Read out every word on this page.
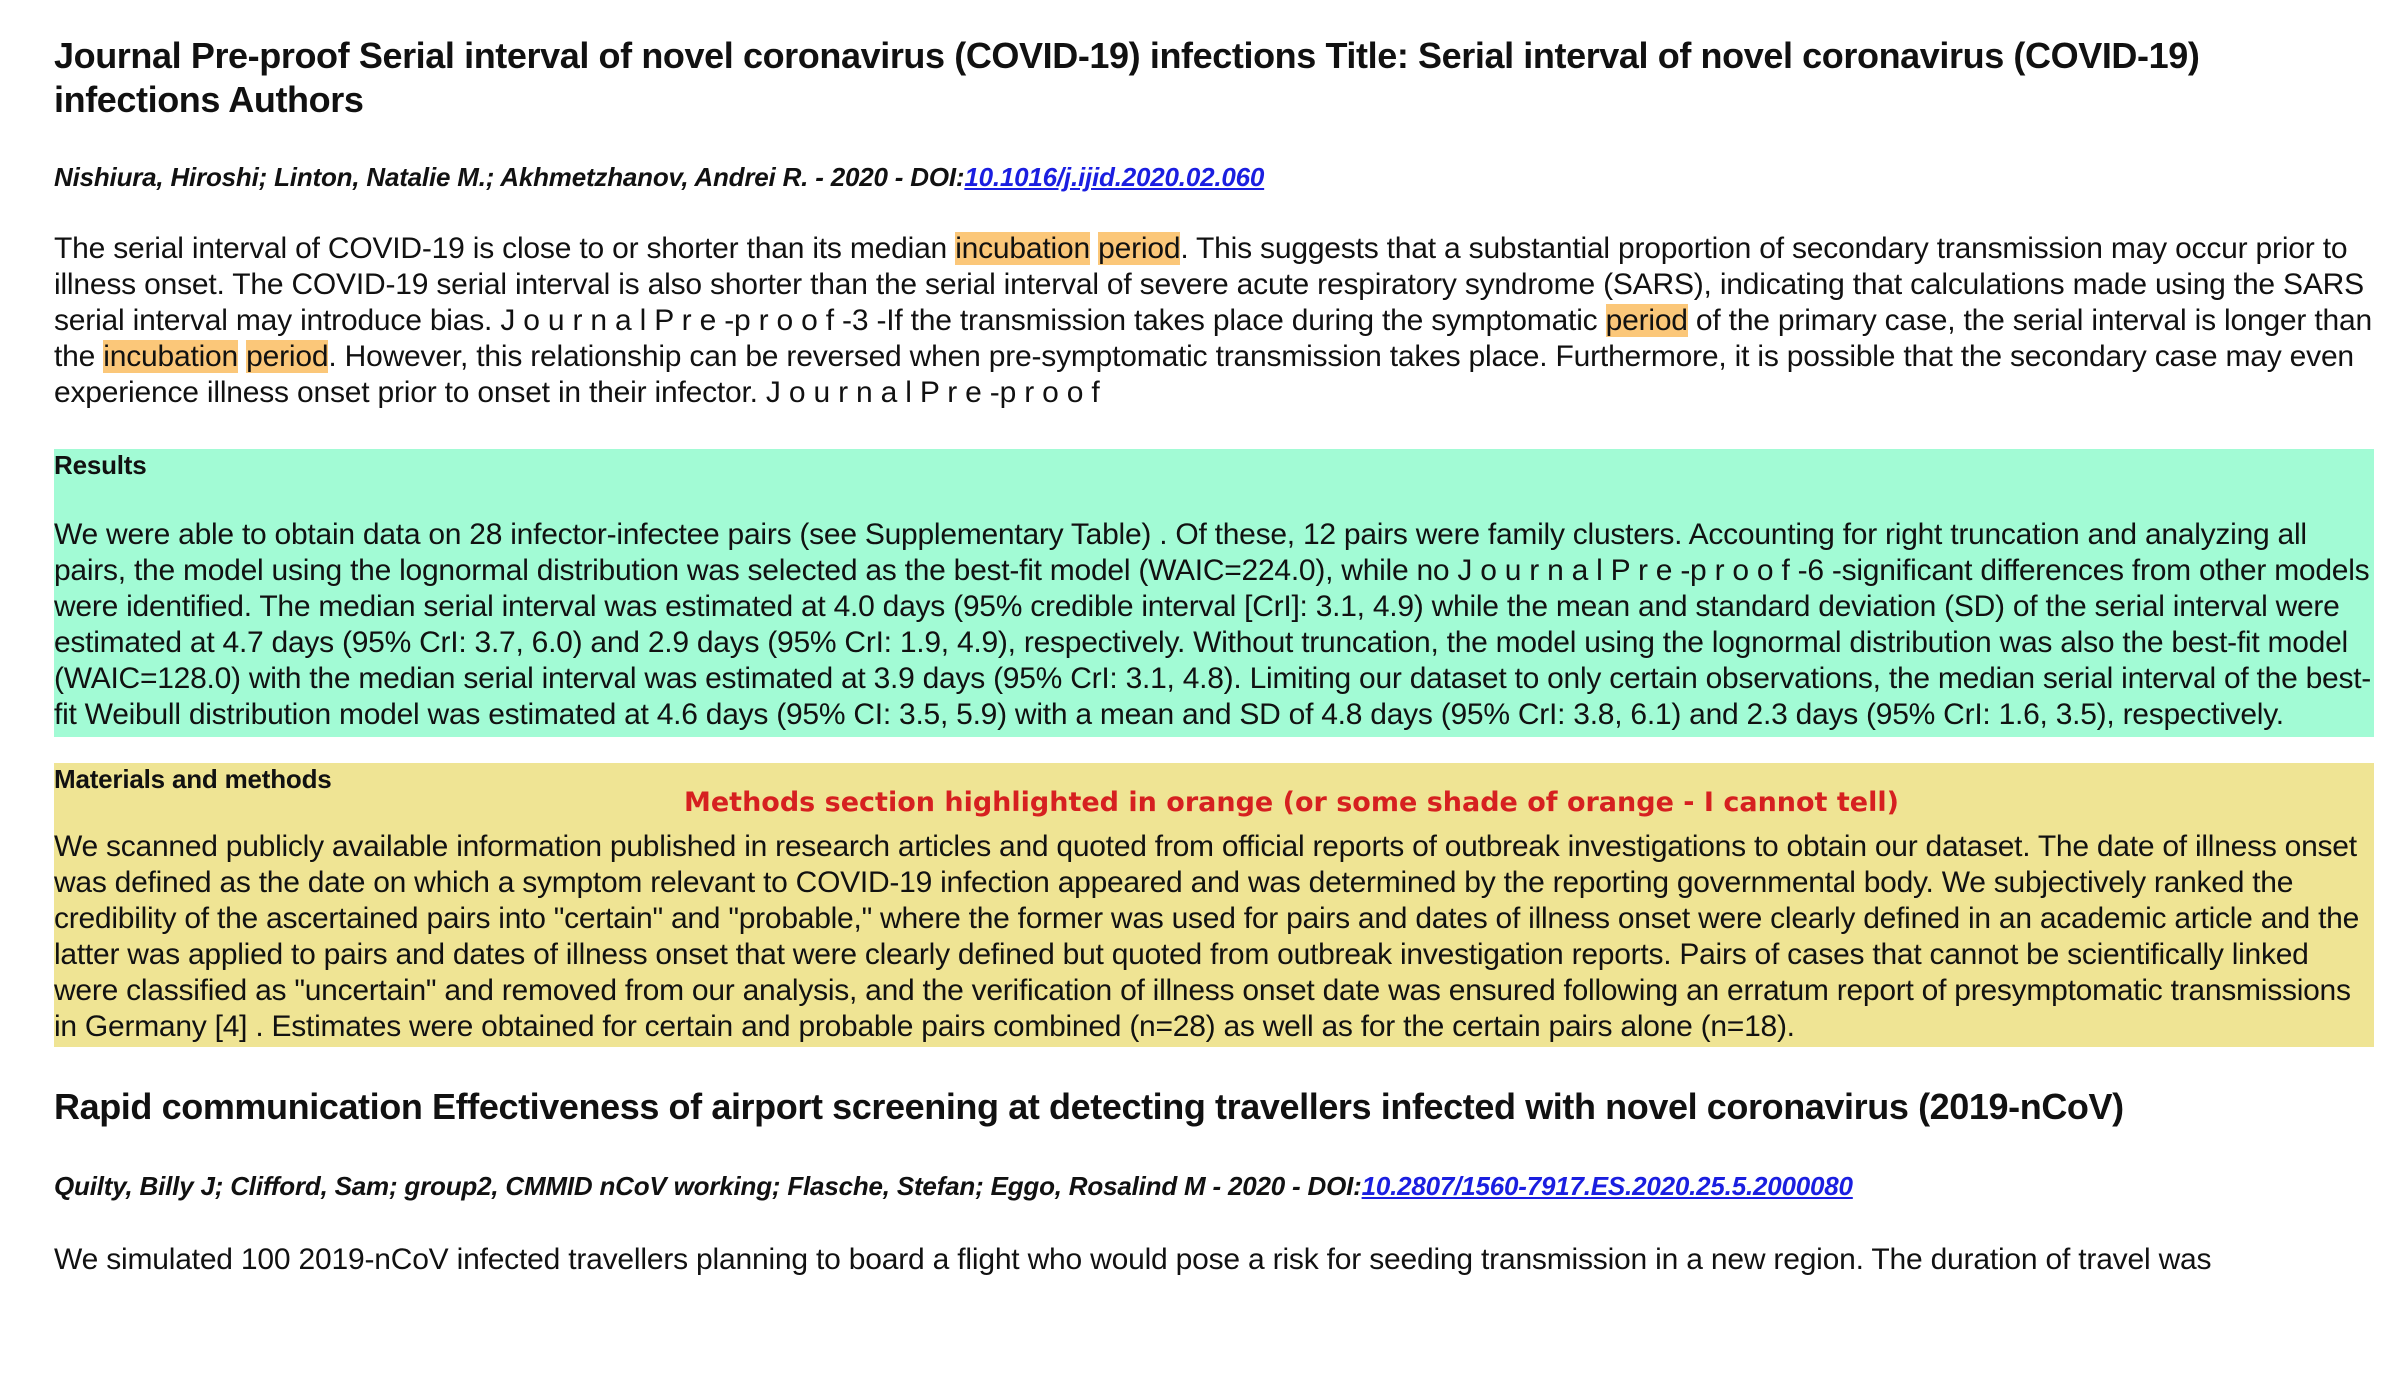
Journal Pre-proof Serial interval of novel coronavirus (COVID-19) infections Title: Serial interval of novel coronavirus (COVID-19) infections Authors
Nishiura, Hiroshi; Linton, Natalie M.; Akhmetzhanov, Andrei R. - 2020 - DOI:10.1016/j.ijid.2020.02.060
The serial interval of COVID-19 is close to or shorter than its median incubation period. This suggests that a substantial proportion of secondary transmission may occur prior to illness onset. The COVID-19 serial interval is also shorter than the serial interval of severe acute respiratory syndrome (SARS), indicating that calculations made using the SARS serial interval may introduce bias. J o u r n a l P r e -p r o o f -3 -If the transmission takes place during the symptomatic period of the primary case, the serial interval is longer than the incubation period. However, this relationship can be reversed when pre-symptomatic transmission takes place. Furthermore, it is possible that the secondary case may even experience illness onset prior to onset in their infector. J o u r n a l P r e -p r o o f
Results
We were able to obtain data on 28 infector-infectee pairs (see Supplementary Table) . Of these, 12 pairs were family clusters. Accounting for right truncation and analyzing all pairs, the model using the lognormal distribution was selected as the best-fit model (WAIC=224.0), while no J o u r n a l P r e -p r o o f -6 -significant differences from other models were identified. The median serial interval was estimated at 4.0 days (95% credible interval [CrI]: 3.1, 4.9) while the mean and standard deviation (SD) of the serial interval were estimated at 4.7 days (95% CrI: 3.7, 6.0) and 2.9 days (95% CrI: 1.9, 4.9), respectively. Without truncation, the model using the lognormal distribution was also the best-fit model (WAIC=128.0) with the median serial interval was estimated at 3.9 days (95% CrI: 3.1, 4.8). Limiting our dataset to only certain observations, the median serial interval of the best-fit Weibull distribution model was estimated at 4.6 days (95% CI: 3.5, 5.9) with a mean and SD of 4.8 days (95% CrI: 3.8, 6.1) and 2.3 days (95% CrI: 1.6, 3.5), respectively.
Materials and methods
Methods section highlighted in orange (or some shade of orange - I cannot tell)
We scanned publicly available information published in research articles and quoted from official reports of outbreak investigations to obtain our dataset. The date of illness onset was defined as the date on which a symptom relevant to COVID-19 infection appeared and was determined by the reporting governmental body. We subjectively ranked the credibility of the ascertained pairs into "certain" and "probable," where the former was used for pairs and dates of illness onset were clearly defined in an academic article and the latter was applied to pairs and dates of illness onset that were clearly defined but quoted from outbreak investigation reports. Pairs of cases that cannot be scientifically linked were classified as "uncertain" and removed from our analysis, and the verification of illness onset date was ensured following an erratum report of presymptomatic transmissions in Germany [4] . Estimates were obtained for certain and probable pairs combined (n=28) as well as for the certain pairs alone (n=18).
Rapid communication Effectiveness of airport screening at detecting travellers infected with novel coronavirus (2019-nCoV)
Quilty, Billy J; Clifford, Sam; group2, CMMID nCoV working; Flasche, Stefan; Eggo, Rosalind M - 2020 - DOI:10.2807/1560-7917.ES.2020.25.5.2000080
We simulated 100 2019-nCoV infected travellers planning to board a flight who would pose a risk for seeding transmission in a new region. The duration of travel was
